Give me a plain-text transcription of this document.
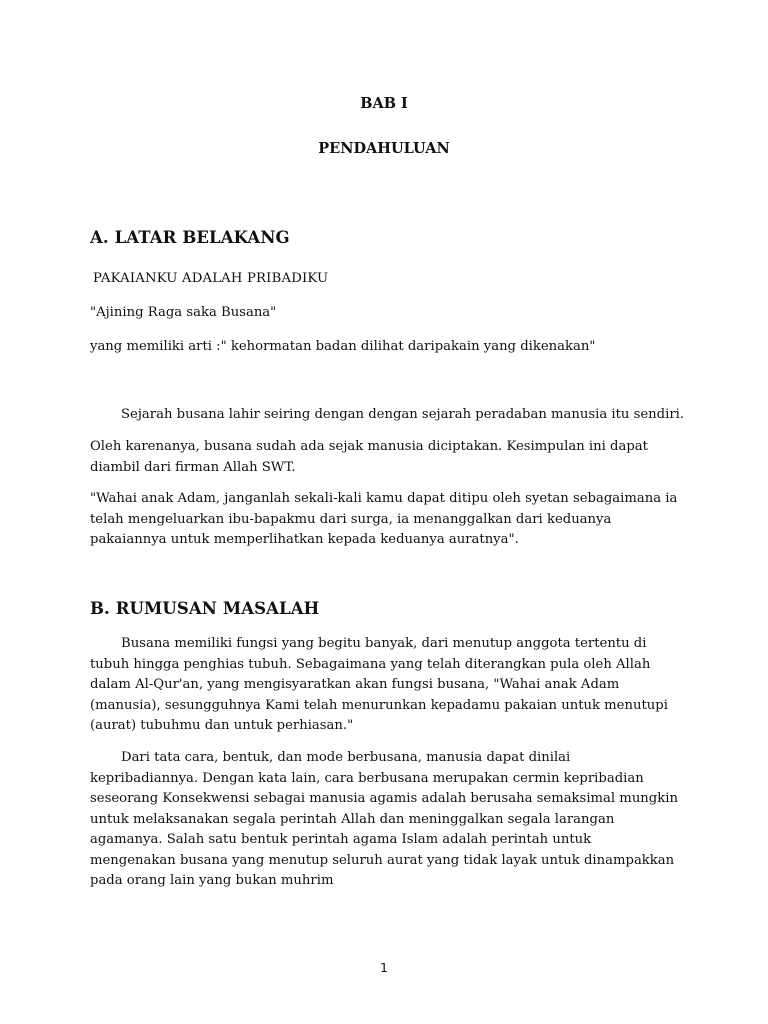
BAB I

PENDAHULUAN

A. LATAR BELAKANG

PAKAIANKU ADALAH PRIBADIKU

"Ajining Raga saka Busana"

yang memiliki arti :" kehormatan badan dilihat daripakain yang dikenakan"

Sejarah busana lahir seiring dengan dengan sejarah peradaban manusia itu sendiri.

Oleh karenanya, busana sudah ada sejak manusia diciptakan. Kesimpulan ini dapat diambil dari firman Allah SWT.

"Wahai anak Adam, janganlah sekali-kali kamu dapat ditipu oleh syetan sebagaimana ia telah mengeluarkan ibu-bapakmu dari surga, ia menanggalkan dari keduanya pakaiannya untuk memperlihatkan kepada keduanya auratnya".

B. RUMUSAN MASALAH

Busana memiliki fungsi yang begitu banyak, dari menutup anggota tertentu di tubuh hingga penghias tubuh. Sebagaimana yang telah diterangkan pula oleh Allah dalam Al-Qur'an, yang mengisyaratkan akan fungsi busana, "Wahai anak Adam (manusia), sesungguhnya Kami telah menurunkan kepadamu pakaian untuk menutupi (aurat) tubuhmu dan untuk perhiasan."

Dari tata cara, bentuk, dan mode berbusana, manusia dapat dinilai kepribadiannya. Dengan kata lain, cara berbusana merupakan cermin kepribadian seseorang Konsekwensi sebagai manusia agamis adalah berusaha semaksimal mungkin untuk melaksanakan segala perintah Allah dan meninggalkan segala larangan agamanya. Salah satu bentuk perintah agama Islam adalah perintah untuk mengenakan busana yang menutup seluruh aurat yang tidak layak untuk dinampakkan pada orang lain yang bukan muhrim

1
